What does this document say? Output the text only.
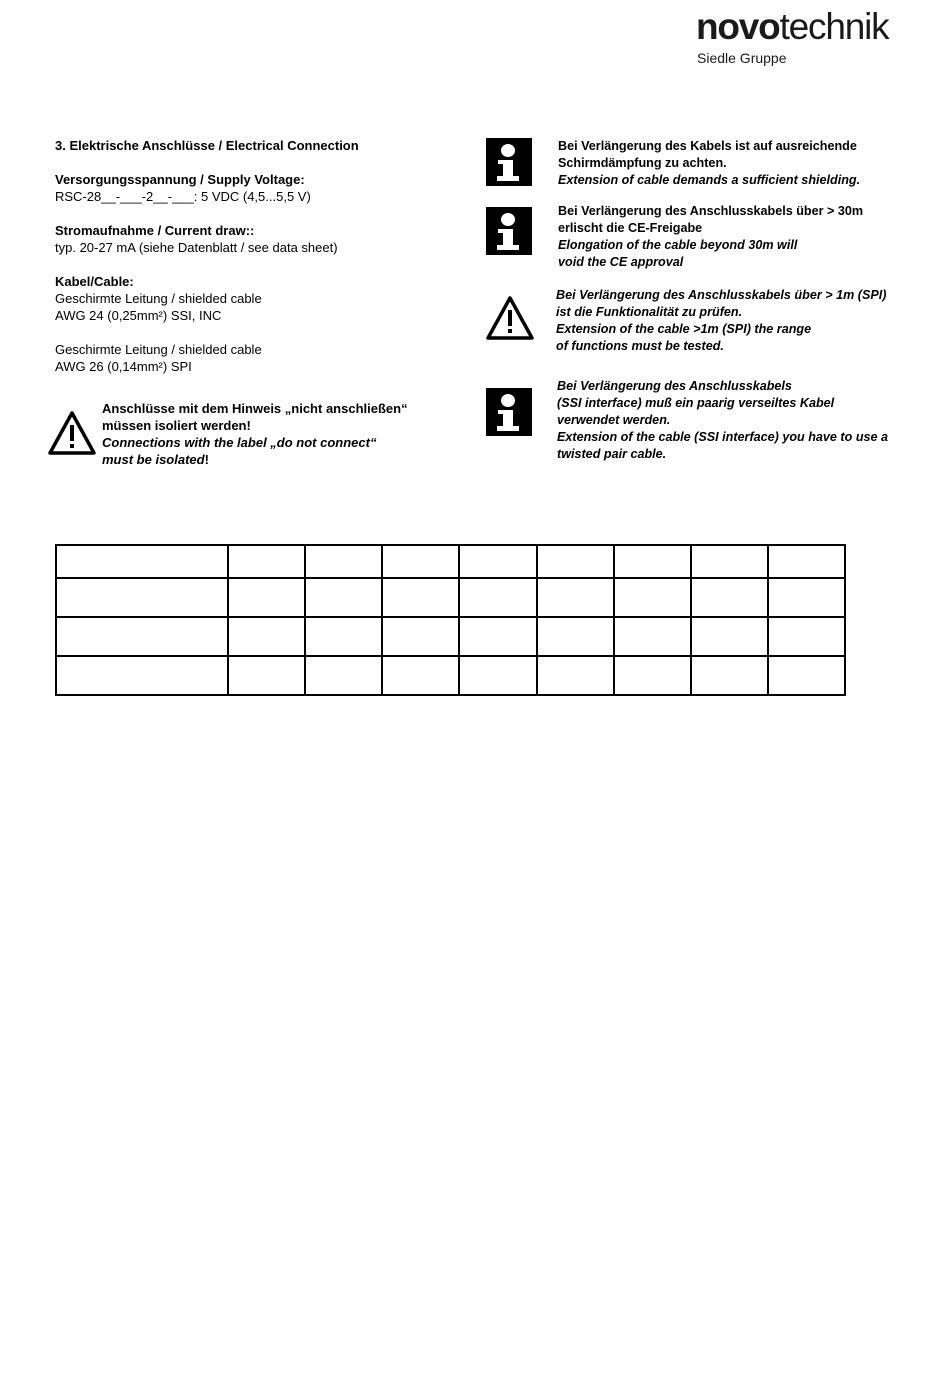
novotechnik
Siedle Gruppe
3. Elektrische Anschlüsse / Electrical Connection
Versorgungsspannung / Supply Voltage:
RSC-28__-___-2__-___: 5 VDC (4,5...5,5 V)
Stromaufnahme / Current draw::
typ. 20-27 mA (siehe Datenblatt / see data sheet)
Kabel/Cable:
Geschirmte Leitung / shielded cable
AWG 24 (0,25mm²) SSI, INC
Geschirmte Leitung / shielded cable
AWG 26 (0,14mm²) SPI
Anschlüsse mit dem Hinweis „nicht anschließen“
müssen isoliert werden!
Connections with the label „do not connect“
must be isolated!
Bei Verlängerung des Kabels ist auf ausreichende
Schirmdämpfung zu achten.
Extension of cable demands a sufficient shielding.
Bei Verlängerung des Anschlusskabels über > 30m
erlischt die CE-Freigabe
Elongation of the cable beyond 30m will
void the CE approval
Bei Verlängerung des Anschlusskabels über > 1m (SPI)
ist die Funktionalität zu prüfen.
Extension of the cable >1m (SPI) the range
of functions must be tested.
Bei Verlängerung des Anschlusskabels
(SSI interface) muß ein paarig verseiltes Kabel
verwendet werden.
Extension of the cable (SSI interface) you have to use a
twisted pair cable.
